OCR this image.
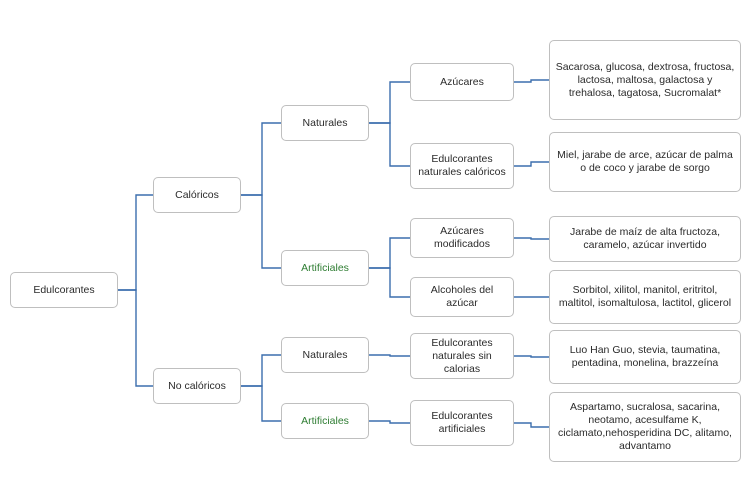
Edulcorantes
Calóricos
No calóricos
Naturales
Artificiales
Naturales
Artificiales
Azúcares
Edulcorantes naturales calóricos
Azúcares modificados
Alcoholes del azúcar
Edulcorantes naturales sin calorias
Edulcorantes artificiales
Sacarosa, glucosa, dextrosa, fructosa, lactosa, maltosa, galactosa y trehalosa, tagatosa, Sucromalat*
Miel, jarabe de arce, azúcar de palma o de coco y jarabe de sorgo
Jarabe de maíz de alta fructoza, caramelo, azúcar invertido
Sorbitol, xilitol, manitol, eritritol, maltitol, isomaltulosa, lactitol, glicerol
Luo Han Guo, stevia, taumatina, pentadina, monelina, brazzeína
Aspartamo, sucralosa, sacarina, neotamo, acesulfame K, ciclamato,nehosperidina DC, alitamo, advantamo
